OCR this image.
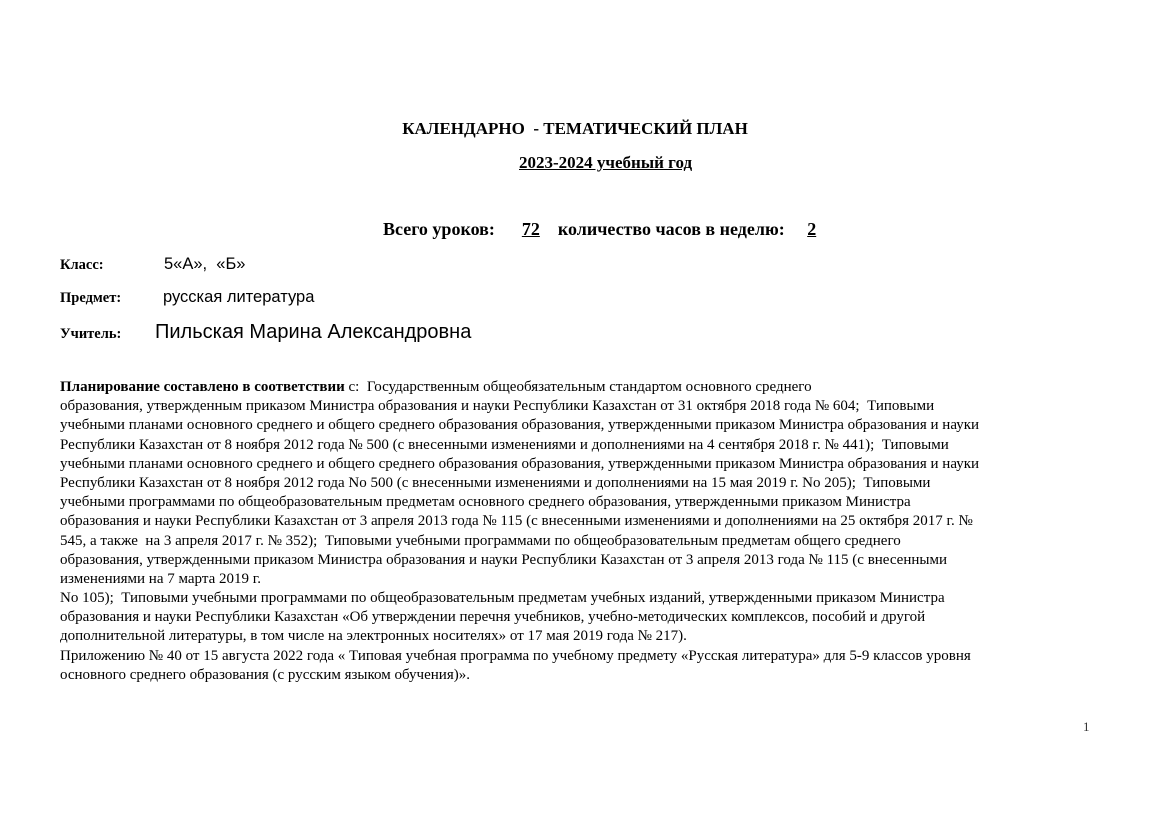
КАЛЕНДАРНО  - ТЕМАТИЧЕСКИЙ ПЛАН
2023-2024 учебный год
Всего уроков: 72 количество часов в неделю: 2

Класс:

	5«А»,  «Б»

Предмет:

	русская литература

Учитель:

Пильская Марина Александровна

Планирование составлено в соответствии с:  Государственным общеобязательным стандартом основного среднего
образования, утвержденным приказом Министра образования и науки Республики Казахстан от 31 октября 2018 года № 604;  Типовыми
учебными планами основного среднего и общего среднего образования образования, утвержденными приказом Министра образования и науки
Республики Казахстан от 8 ноября 2012 года № 500 (с внесенными изменениями и дополнениями на 4 сентября 2018 г. № 441);  Типовыми
учебными планами основного среднего и общего среднего образования образования, утвержденными приказом Министра образования и науки
Республики Казахстан от 8 ноября 2012 года No 500 (с внесенными изменениями и дополнениями на 15 мая 2019 г. No 205);  Типовыми
учебными программами по общеобразовательным предметам основного среднего образования, утвержденными приказом Министра
образования и науки Республики Казахстан от 3 апреля 2013 года № 115 (с внесенными изменениями и дополнениями на 25 октября 2017 г. №
545, а также  на 3 апреля 2017 г. № 352);  Типовыми учебными программами по общеобразовательным предметам общего среднего
образования, утвержденными приказом Министра образования и науки Республики Казахстан от 3 апреля 2013 года № 115 (с внесенными
изменениями на 7 марта 2019 г.
No 105);  Типовыми учебными программами по общеобразовательным предметам учебных изданий, утвержденными приказом Министра
образования и науки Республики Казахстан «Об утверждении перечня учебников, учебно-методических комплексов, пособий и другой
дополнительной литературы, в том числе на электронных носителях» от 17 мая 2019 года № 217).
Приложению № 40 от 15 августа 2022 года « Типовая учебная программа по учебному предмету «Русская литература» для 5-9 классов уровня
основного среднего образования (с русским языком обучения)».
1
